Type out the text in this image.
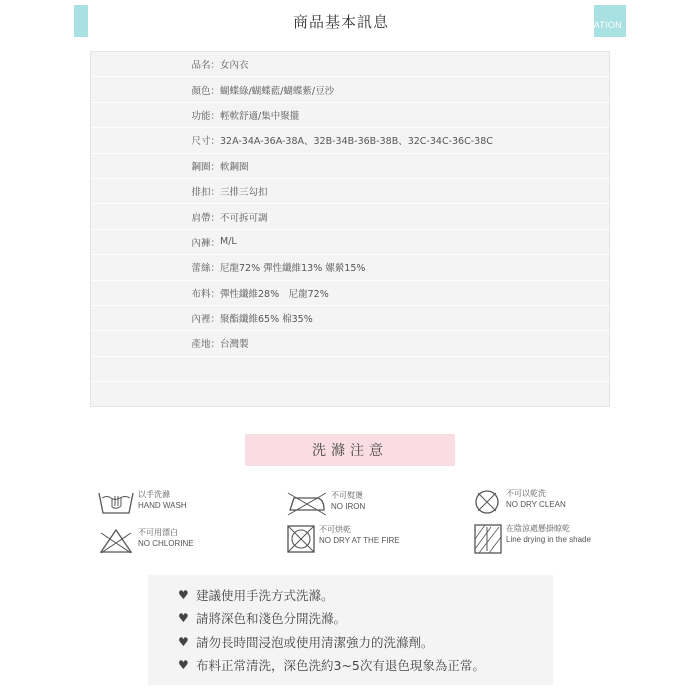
商品基本訊息	INFORMATION
品名： 女內衣
顏色： 蝴蝶綠/蝴蝶藍/蝴蝶紫/豆沙
功能： 輕軟舒適/集中聚攏
尺寸： 32A-34A-36A-38A、32B-34B-36B-38B、32C-34C-36C-38C
鋼圈： 軟鋼圈
排扣： 三排三勾扣
肩帶： 不可拆可調
內褲： M/L
蕾絲： 尼龍72% 彈性纖維13% 嫘縈15%
布料： 彈性纖維28%　尼龍72%
內裡： 聚酯纖維65% 棉35%
產地： 台灣製
洗滌注意
以手洗滌
HAND WASH
不可熨燙
NO IRON
不可以乾洗
NO DRY CLEAN
不可用漂白
NO CHLORINE
不可烘乾
NO DRY AT THE FIRE
在陰涼處懸掛晾乾
Line drying in the shade
♥ 建議使用手洗方式洗滌。
♥ 請將深色和淺色分開洗滌。
♥ 請勿長時間浸泡或使用清潔強力的洗滌劑。
♥ 布料正常清洗，深色洗約3~5次有退色現象為正常。
